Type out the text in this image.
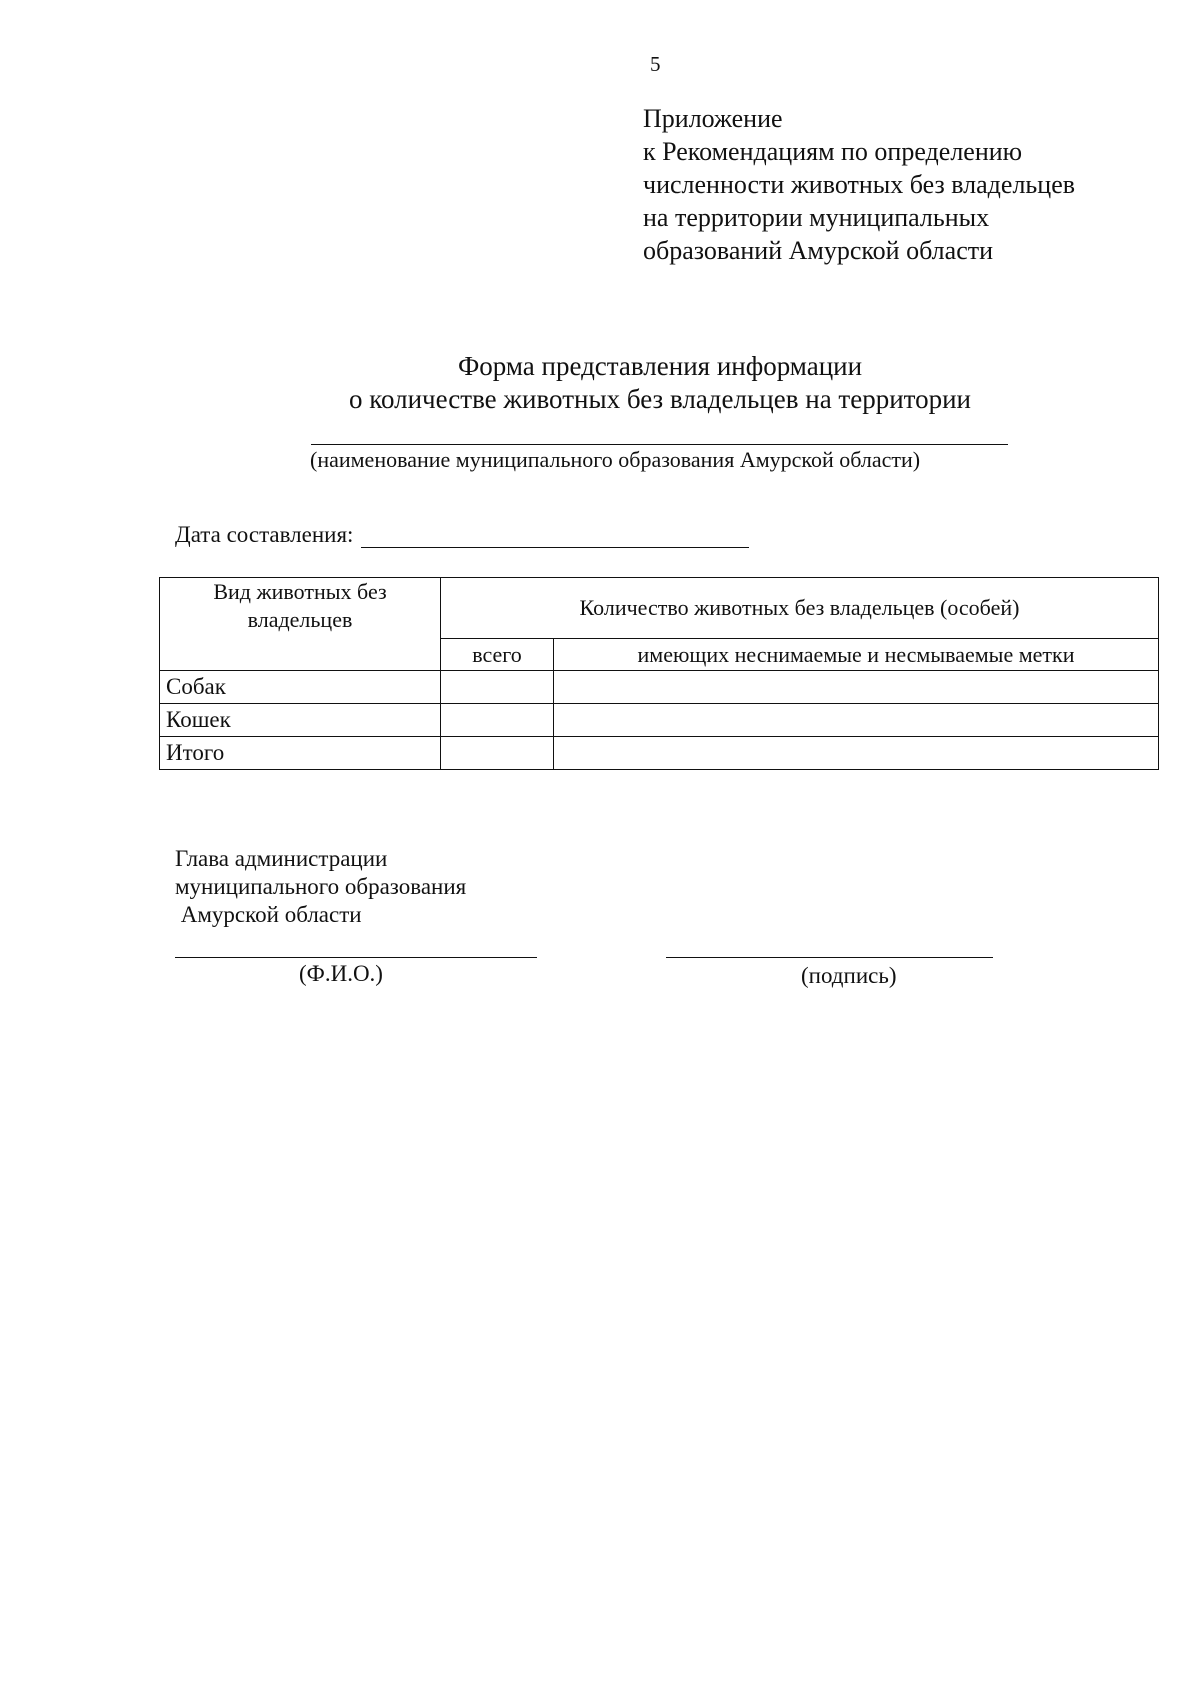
5
Приложение
к Рекомендациям по определению
численности животных без владельцев
на территории муниципальных
образований Амурской области
Форма представления информации
о количестве животных без владельцев на территории
(наименование муниципального образования Амурской области)
Дата составления:
Вид животных без владельцев	Количество животных без владельцев (особей)	
	всего	имеющих неснимаемые и несмываемые метки
Собак		
Кошек		
Итого		
Глава администрации
муниципального образования
Амурской области
(Ф.И.О.)	(подпись)
